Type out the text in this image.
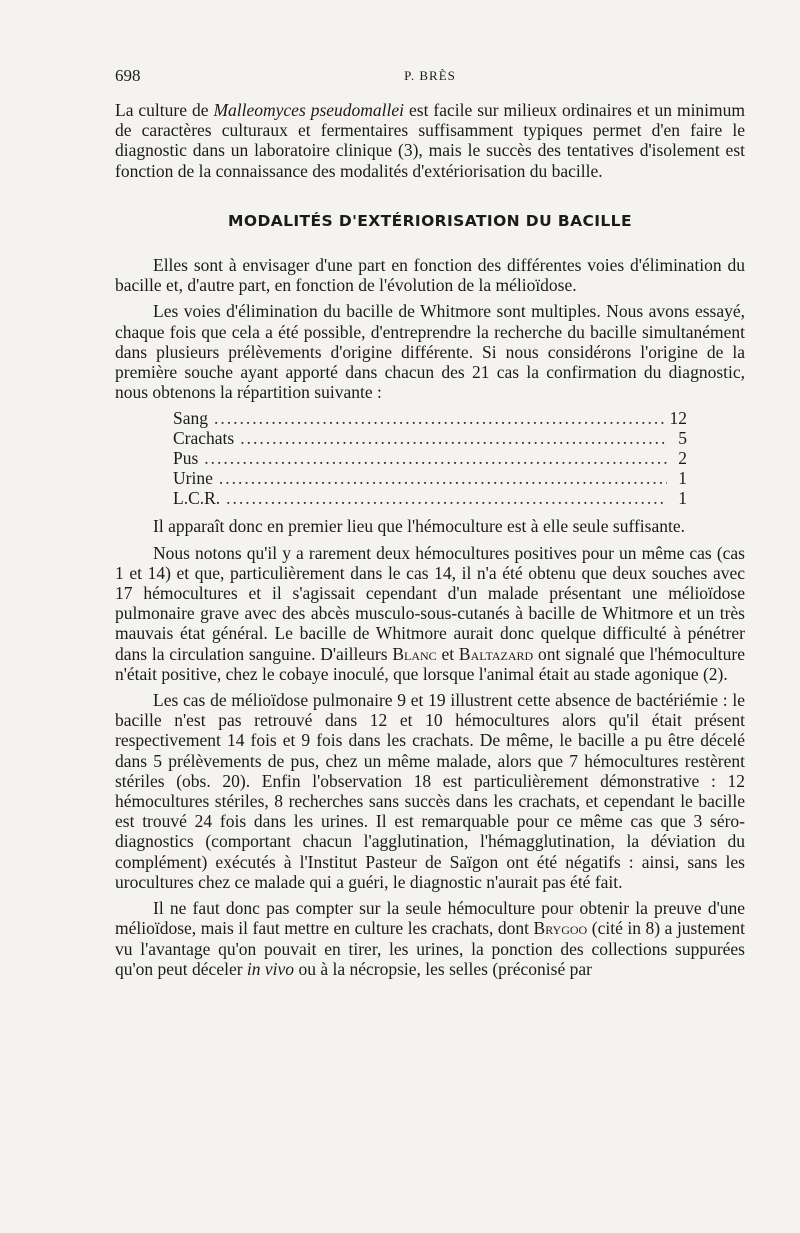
698	P. BRÈS

La culture de Malleomyces pseudomallei est facile sur milieux ordinaires et un minimum de caractères culturaux et fermentaires suffisamment typiques permet d'en faire le diagnostic dans un laboratoire clinique (3), mais le succès des tentatives d'isolement est fonction de la connaissance des modalités d'extériorisation du bacille.

MODALITÉS D'EXTÉRIORISATION DU BACILLE

Elles sont à envisager d'une part en fonction des différentes voies d'élimination du bacille et, d'autre part, en fonction de l'évolution de la mélioïdose.

Les voies d'élimination du bacille de Whitmore sont multiples. Nous avons essayé, chaque fois que cela a été possible, d'entreprendre la recherche du bacille simultanément dans plusieurs prélèvements d'origine différente. Si nous considérons l'origine de la première souche ayant apporté dans chacun des 21 cas la confirmation du diagnostic, nous obtenons la répartition suivante :

Sang .....	12
Crachats .....	5
Pus .....	2
Urine .....	1
L.C.R. .....	1

Il apparaît donc en premier lieu que l'hémoculture est à elle seule suffisante.

Nous notons qu'il y a rarement deux hémocultures positives pour un même cas (cas 1 et 14) et que, particulièrement dans le cas 14, il n'a été obtenu que deux souches avec 17 hémocultures et il s'agissait cependant d'un malade présentant une mélioïdose pulmonaire grave avec des abcès musculo-sous-cutanés à bacille de Whitmore et un très mauvais état général. Le bacille de Whitmore aurait donc quelque difficulté à pénétrer dans la circulation sanguine. D'ailleurs Blanc et Baltazard ont signalé que l'hémoculture n'était positive, chez le cobaye inoculé, que lorsque l'animal était au stade agonique (2).

Les cas de mélioïdose pulmonaire 9 et 19 illustrent cette absence de bactériémie : le bacille n'est pas retrouvé dans 12 et 10 hémocultures alors qu'il était présent respectivement 14 fois et 9 fois dans les crachats. De même, le bacille a pu être décelé dans 5 prélèvements de pus, chez un même malade, alors que 7 hémocultures restèrent stériles (obs. 20). Enfin l'observation 18 est particulièrement démonstrative : 12 hémocultures stériles, 8 recherches sans succès dans les crachats, et cependant le bacille est trouvé 24 fois dans les urines. Il est remarquable pour ce même cas que 3 séro-diagnostics (comportant chacun l'agglutination, l'hémagglutination, la déviation du complément) exécutés à l'Institut Pasteur de Saïgon ont été négatifs : ainsi, sans les urocultures chez ce malade qui a guéri, le diagnostic n'aurait pas été fait.

Il ne faut donc pas compter sur la seule hémoculture pour obtenir la preuve d'une mélioïdose, mais il faut mettre en culture les crachats, dont Brygoo (cité in 8) a justement vu l'avantage qu'on pouvait en tirer, les urines, la ponction des collections suppurées qu'on peut déceler in vivo ou à la nécropsie, les selles (préconisé par
